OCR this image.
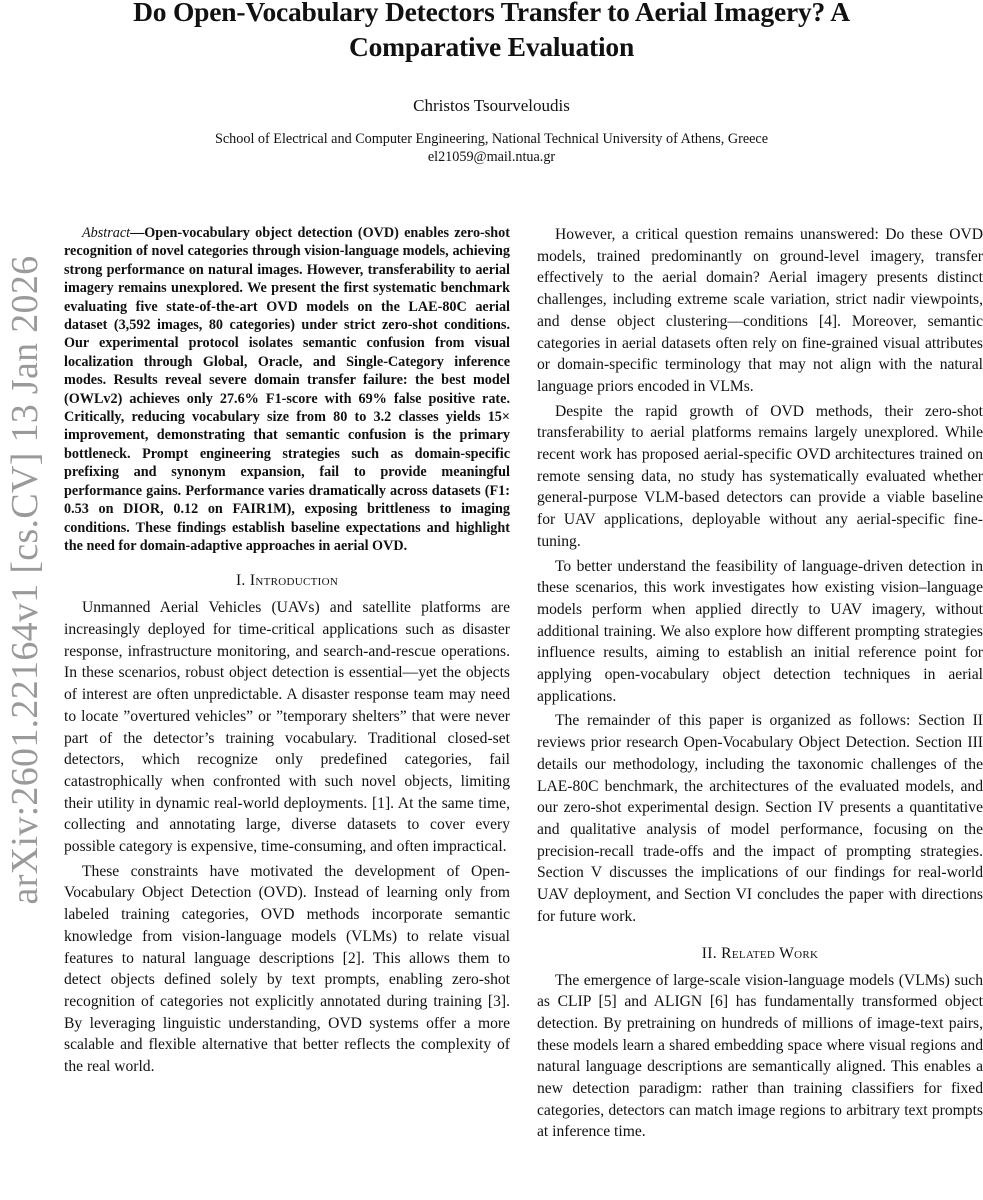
Do Open-Vocabulary Detectors Transfer to Aerial Imagery? A
Comparative Evaluation
Christos Tsourveloudis
School of Electrical and Computer Engineering, National Technical University of Athens, Greece
el21059@mail.ntua.gr
arXiv:2601.22164v1 [cs.CV] 13 Jan 2026

Abstract—Open-vocabulary object detection (OVD) enables zero-shot recognition of novel categories through vision-language models, achieving strong performance on natural images. However, transferability to aerial imagery remains unexplored. We present the first systematic benchmark evaluating five state-of-the-art OVD models on the LAE-80C aerial dataset (3,592 images, 80 categories) under strict zero-shot conditions. Our experimental protocol isolates semantic confusion from visual localization through Global, Oracle, and Single-Category inference modes. Results reveal severe domain transfer failure: the best model (OWLv2) achieves only 27.6% F1-score with 69% false positive rate. Critically, reducing vocabulary size from 80 to 3.2 classes yields 15× improvement, demonstrating that semantic confusion is the primary bottleneck. Prompt engineering strategies such as domain-specific prefixing and synonym expansion, fail to provide meaningful performance gains. Performance varies dramatically across datasets (F1: 0.53 on DIOR, 0.12 on FAIR1M), exposing brittleness to imaging conditions. These findings establish baseline expectations and highlight the need for domain-adaptive approaches in aerial OVD.

I. Introduction

Unmanned Aerial Vehicles (UAVs) and satellite platforms are increasingly deployed for time-critical applications such as disaster response, infrastructure monitoring, and search-and-rescue operations. In these scenarios, robust object detection is essential—yet the objects of interest are often unpredictable. A disaster response team may need to locate ”overtured vehicles” or ”temporary shelters” that were never part of the detector’s training vocabulary. Traditional closed-set detectors, which recognize only predefined categories, fail catastrophically when confronted with such novel objects, limiting their utility in dynamic real-world deployments. [1]. At the same time, collecting and annotating large, diverse datasets to cover every possible category is expensive, time-consuming, and often impractical.

These constraints have motivated the development of Open-Vocabulary Object Detection (OVD). Instead of learning only from labeled training categories, OVD methods incorporate semantic knowledge from vision-language models (VLMs) to relate visual features to natural language descriptions [2]. This allows them to detect objects defined solely by text prompts, enabling zero-shot recognition of categories not explicitly annotated during training [3]. By leveraging linguistic understanding, OVD systems offer a more scalable and flexible alternative that better reflects the complexity of the real world.

However, a critical question remains unanswered: Do these OVD models, trained predominantly on ground-level imagery, transfer effectively to the aerial domain? Aerial imagery presents distinct challenges, including extreme scale variation, strict nadir viewpoints, and dense object clustering—conditions [4]. Moreover, semantic categories in aerial datasets often rely on fine-grained visual attributes or domain-specific terminology that may not align with the natural language priors encoded in VLMs.

Despite the rapid growth of OVD methods, their zero-shot transferability to aerial platforms remains largely unexplored. While recent work has proposed aerial-specific OVD architectures trained on remote sensing data, no study has systematically evaluated whether general-purpose VLM-based detectors can provide a viable baseline for UAV applications, deployable without any aerial-specific fine-tuning.

To better understand the feasibility of language-driven detection in these scenarios, this work investigates how existing vision–language models perform when applied directly to UAV imagery, without additional training. We also explore how different prompting strategies influence results, aiming to establish an initial reference point for applying open-vocabulary object detection techniques in aerial applications.

The remainder of this paper is organized as follows: Section II reviews prior research Open-Vocabulary Object Detection. Section III details our methodology, including the taxonomic challenges of the LAE-80C benchmark, the architectures of the evaluated models, and our zero-shot experimental design. Section IV presents a quantitative and qualitative analysis of model performance, focusing on the precision-recall trade-offs and the impact of prompting strategies. Section V discusses the implications of our findings for real-world UAV deployment, and Section VI concludes the paper with directions for future work.

II. Related Work

The emergence of large-scale vision-language models (VLMs) such as CLIP [5] and ALIGN [6] has fundamentally transformed object detection. By pretraining on hundreds of millions of image-text pairs, these models learn a shared embedding space where visual regions and natural language descriptions are semantically aligned. This enables a new detection paradigm: rather than training classifiers for fixed categories, detectors can match image regions to arbitrary text prompts at inference time.
